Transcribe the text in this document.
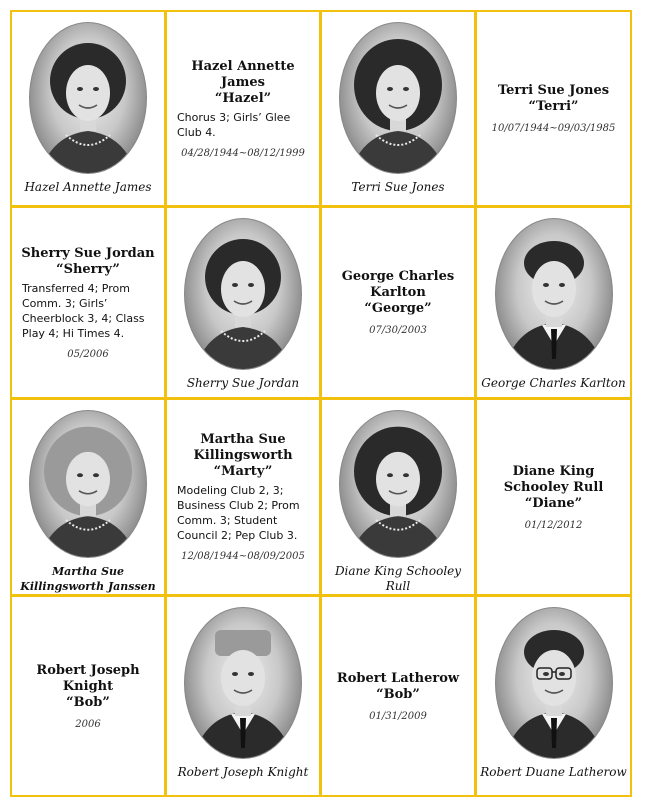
Hazel Annette James
Hazel Annette James
“Hazel”
Chorus 3; Girls’ Glee Club 4.
04/28/1944~08/12/1999
Terri Sue Jones
Terri Sue Jones
“Terri”
10/07/1944~09/03/1985
Sherry Sue Jordan
“Sherry”
Transferred 4; Prom Comm. 3; Girls’ Cheerblock 3, 4; Class Play 4; Hi Times 4.
05/2006
Sherry Sue Jordan
George Charles Karlton
“George”
07/30/2003
George Charles Karlton
Martha Sue Killingsworth Janssen
Martha Sue Killingsworth
“Marty”
Modeling Club 2, 3; Business Club 2; Prom Comm. 3; Student Council 2; Pep Club 3.
12/08/1944~08/09/2005
Diane King Schooley Rull
Diane King Schooley Rull
“Diane”
01/12/2012
Robert Joseph Knight
“Bob”
2006
Robert Joseph Knight
Robert Latherow
“Bob”
01/31/2009
Robert Duane Latherow
